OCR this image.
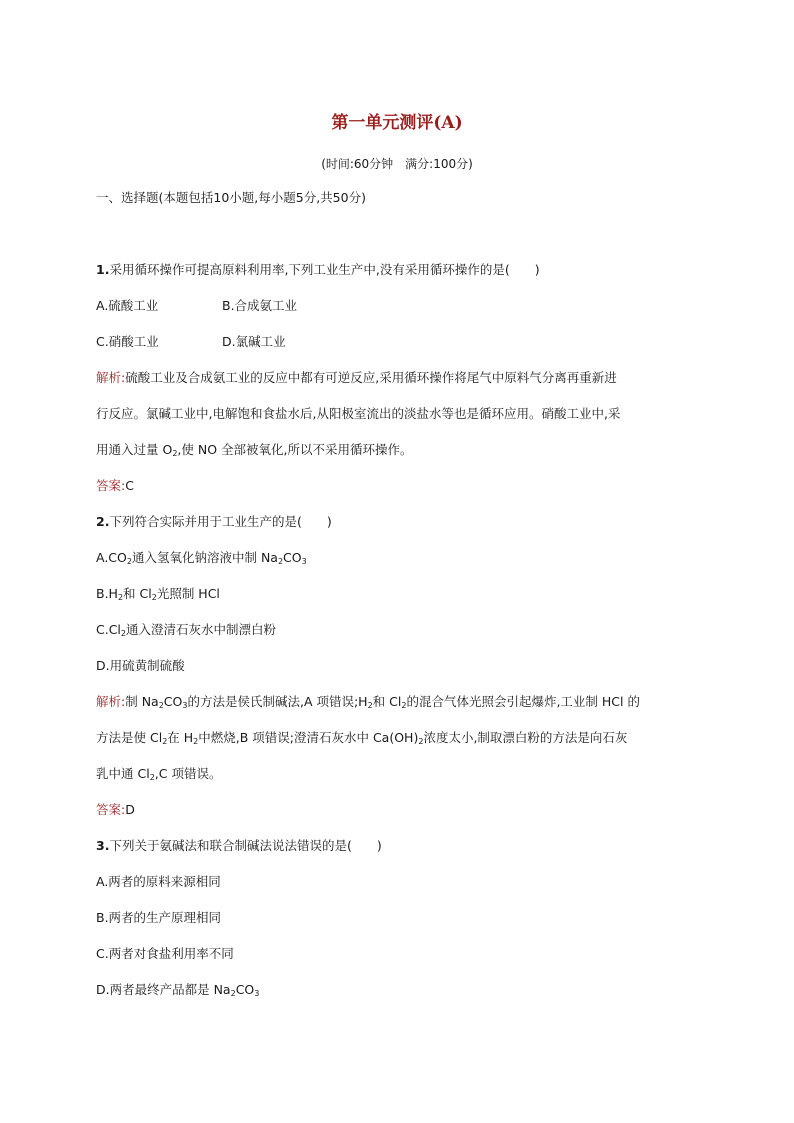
第一单元测评(A)
(时间:60分钟　满分:100分)
一、选择题(本题包括10小题,每小题5分,共50分)
1.采用循环操作可提高原料利用率,下列工业生产中,没有采用循环操作的是(　　)
A.硫酸工业	B.合成氨工业
C.硝酸工业	D.氯碱工业
解析:硫酸工业及合成氨工业的反应中都有可逆反应,采用循环操作将尾气中原料气分离再重新进
行反应。氯碱工业中,电解饱和食盐水后,从阳极室流出的淡盐水等也是循环应用。硝酸工业中,采
用通入过量 $O_2$,使 NO 全部被氧化,所以不采用循环操作。
答案:C
2.下列符合实际并用于工业生产的是(　　)
$A.CO_2$通入氢氧化钠溶液中制 $Na_2CO_3$
$B.H_2$和 $Cl_2$光照制 HCl
$C.Cl_2$通入澄清石灰水中制漂白粉
D.用硫黄制硫酸
解析:制 $Na_2CO_3$的方法是侯氏制碱法,A 项错误$;H_2$和 $Cl_2$的混合气体光照会引起爆炸,工业制 HCl 的
方法是使 $Cl_2$在 $H_2$中燃烧,B 项错误;澄清石灰水中 $Ca(OH)_2$浓度太小,制取漂白粉的方法是向石灰
乳中通 $Cl_2,C$ 项错误。
答案:D
3.下列关于氨碱法和联合制碱法说法错误的是(　　)
A.两者的原料来源相同
B.两者的生产原理相同
C.两者对食盐利用率不同
D.两者最终产品都是 $Na_2CO_3$
